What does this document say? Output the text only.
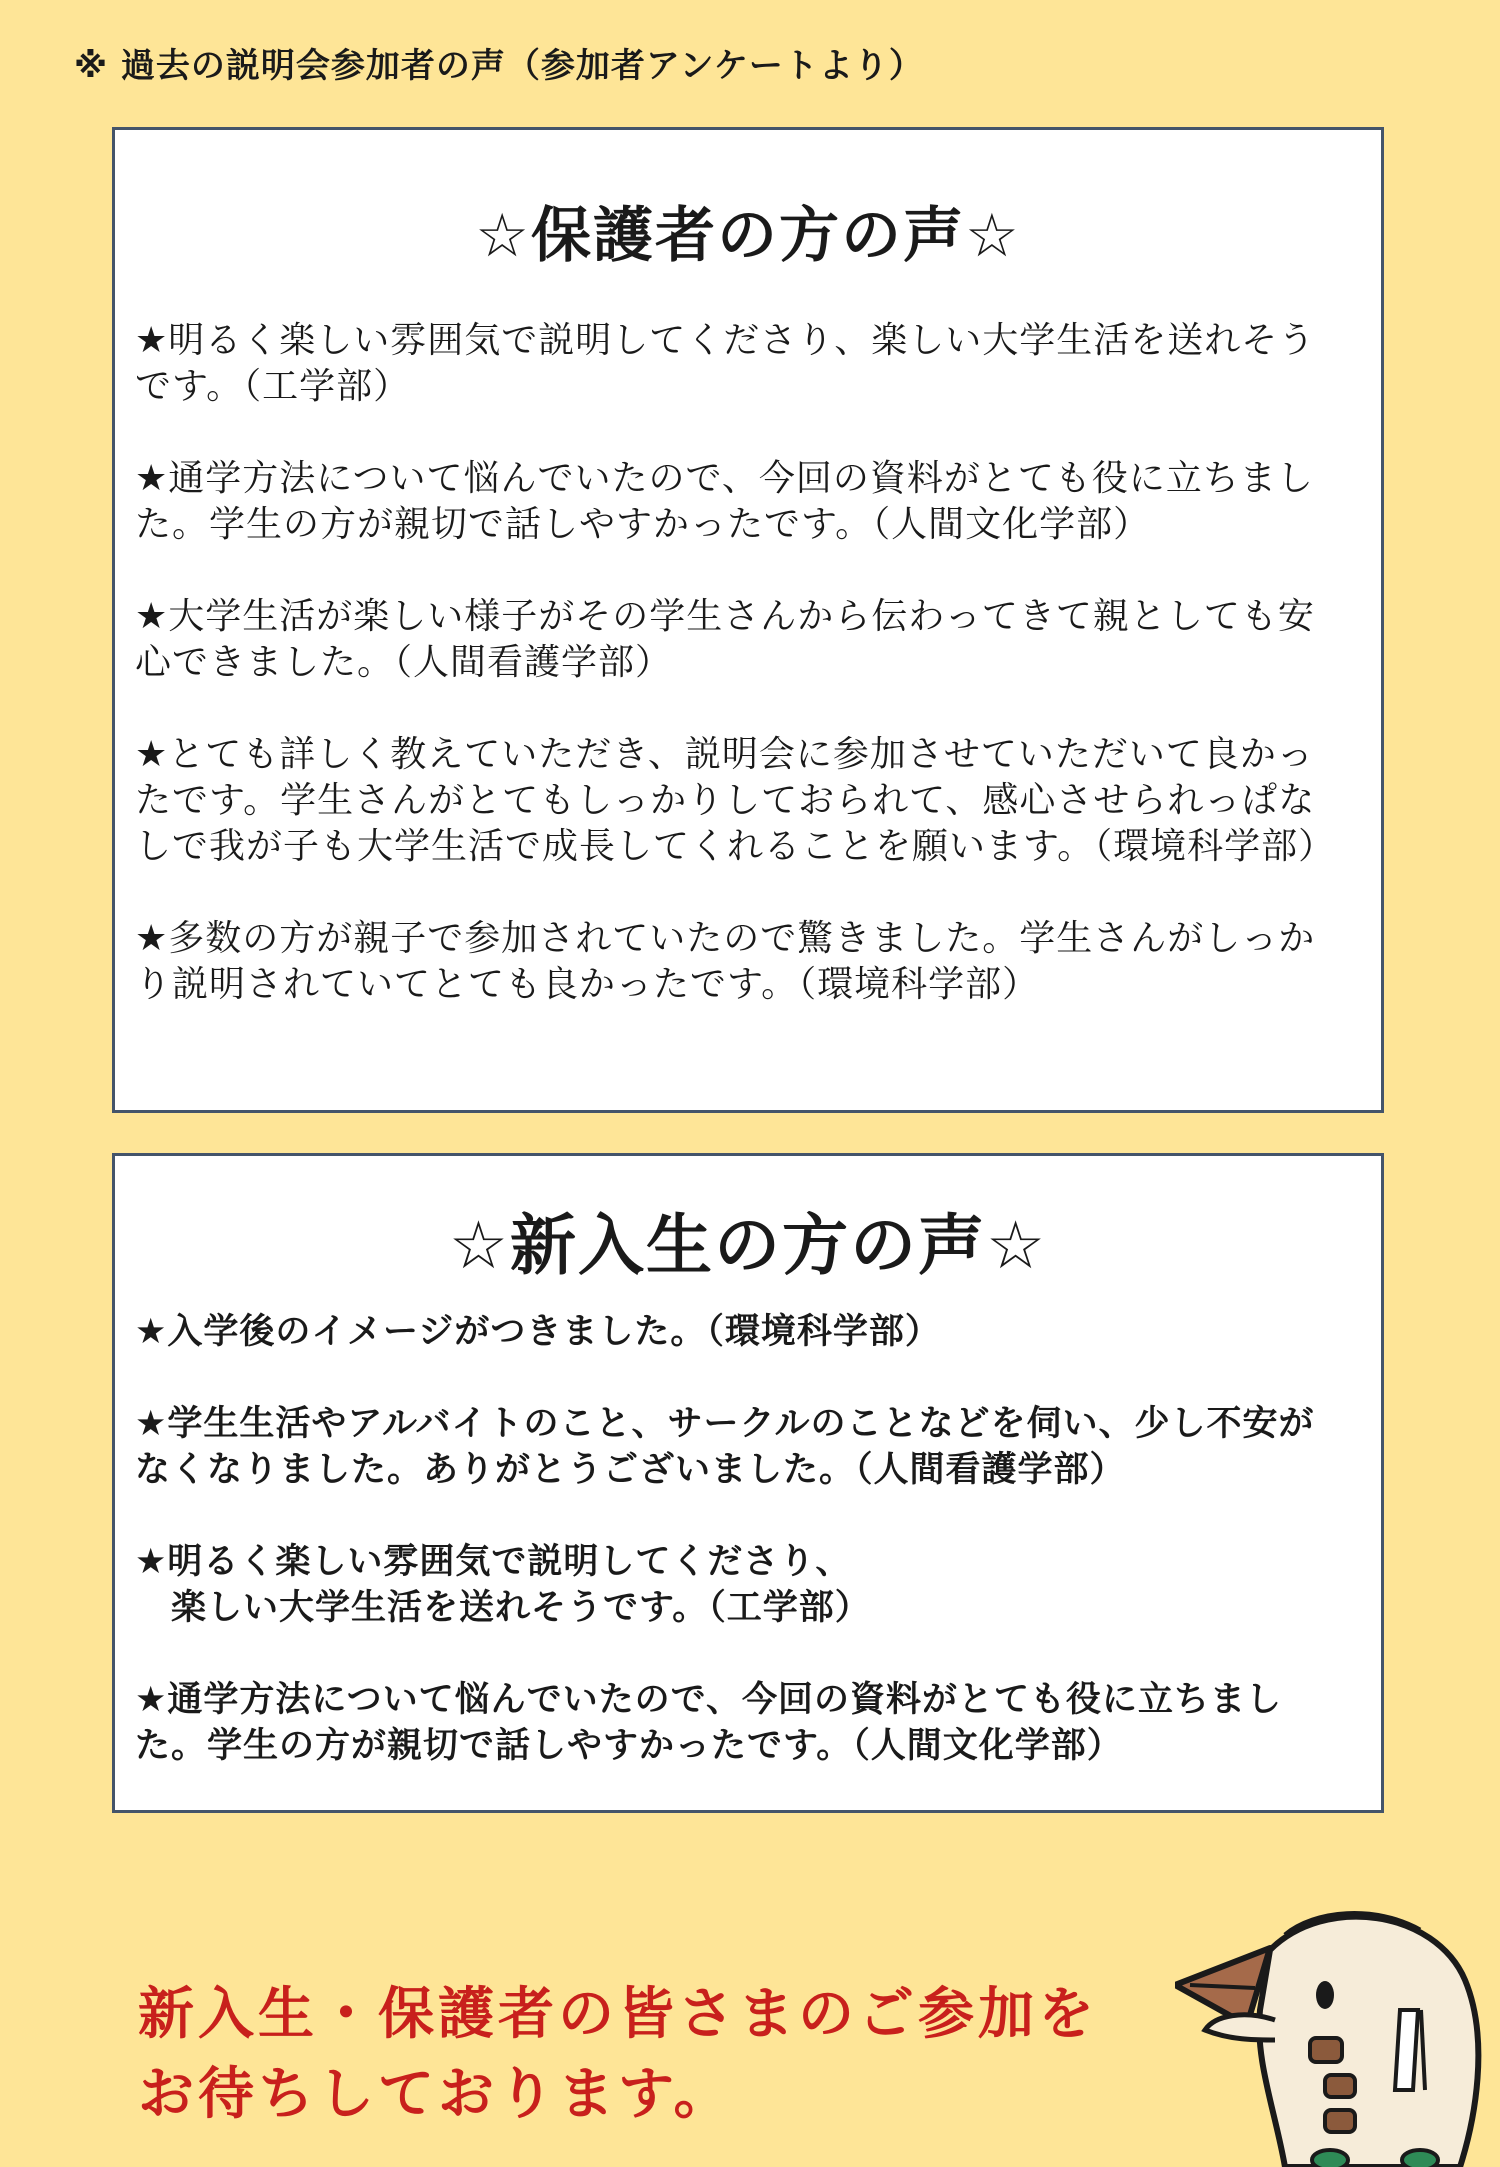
※ 過去の説明会参加者の声（参加者アンケートより）
☆保護者の方の声☆

★明るく楽しい雰囲気で説明してくださり、楽しい大学生活を送れそうです。（工学部）

★通学方法について悩んでいたので、今回の資料がとても役に立ちました。学生の方が親切で話しやすかったです。（人間文化学部）

★大学生活が楽しい様子がその学生さんから伝わってきて親としても安心できました。（人間看護学部）

★とても詳しく教えていただき、説明会に参加させていただいて良かったです。学生さんがとてもしっかりしておられて、感心させられっぱなしで我が子も大学生活で成長してくれることを願います。（環境科学部）

★多数の方が親子で参加されていたので驚きました。学生さんがしっかり説明されていてとても良かったです。（環境科学部）

☆新入生の方の声☆

★入学後のイメージがつきました。（環境科学部）

★学生生活やアルバイトのこと、サークルのことなどを伺い、少し不安がなくなりました。ありがとうございました。（人間看護学部）

★明るく楽しい雰囲気で説明してくださり、
　楽しい大学生活を送れそうです。（工学部）

★通学方法について悩んでいたので、今回の資料がとても役に立ちました。学生の方が親切で話しやすかったです。（人間文化学部）

新入生・保護者の皆さまのご参加を
お待ちしております。
